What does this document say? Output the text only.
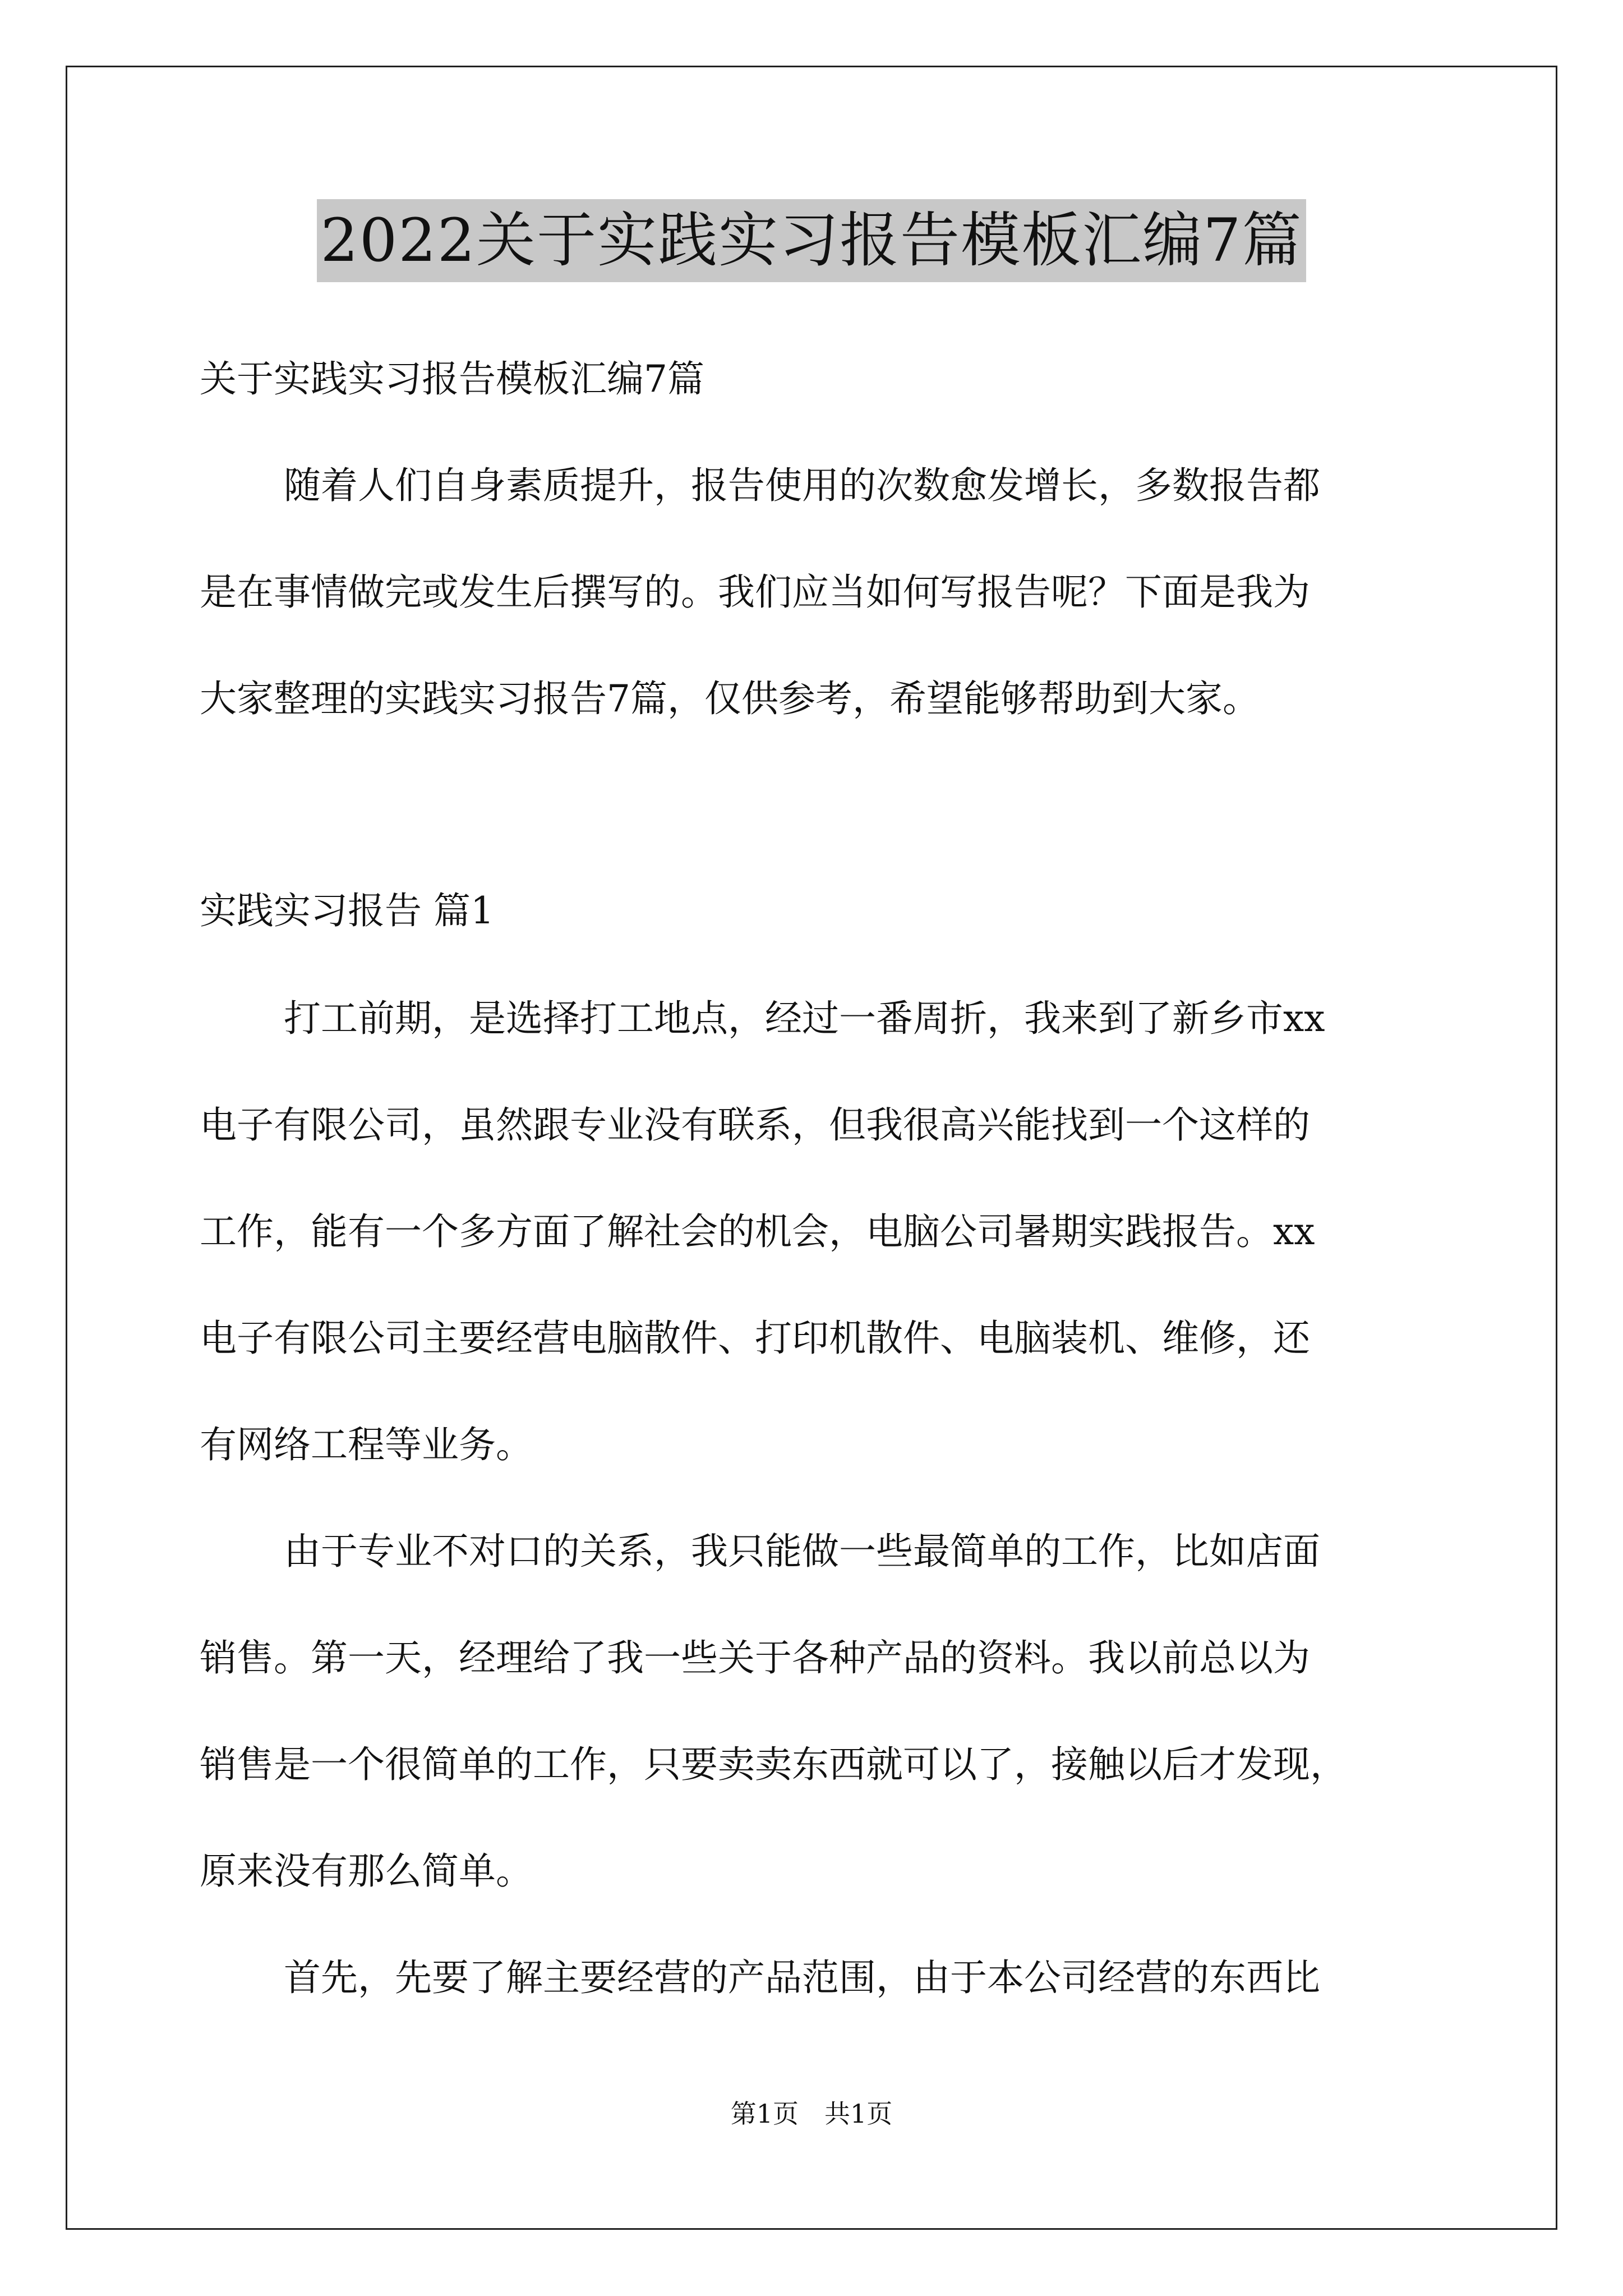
2022关于实践实习报告模板汇编7篇
关于实践实习报告模板汇编7篇
随着人们自身素质提升，报告使用的次数愈发增长，多数报告都
是在事情做完或发生后撰写的。我们应当如何写报告呢？下面是我为
大家整理的实践实习报告7篇，仅供参考，希望能够帮助到大家。
实践实习报告 篇1
打工前期，是选择打工地点，经过一番周折，我来到了新乡市xx
电子有限公司，虽然跟专业没有联系，但我很高兴能找到一个这样的
工作，能有一个多方面了解社会的机会，电脑公司暑期实践报告。xx
电子有限公司主要经营电脑散件、打印机散件、电脑装机、维修，还
有网络工程等业务。
由于专业不对口的关系，我只能做一些最简单的工作，比如店面
销售。第一天，经理给了我一些关于各种产品的资料。我以前总以为
销售是一个很简单的工作，只要卖卖东西就可以了，接触以后才发现，
原来没有那么简单。
首先，先要了解主要经营的产品范围，由于本公司经营的东西比
第1页　共1页
